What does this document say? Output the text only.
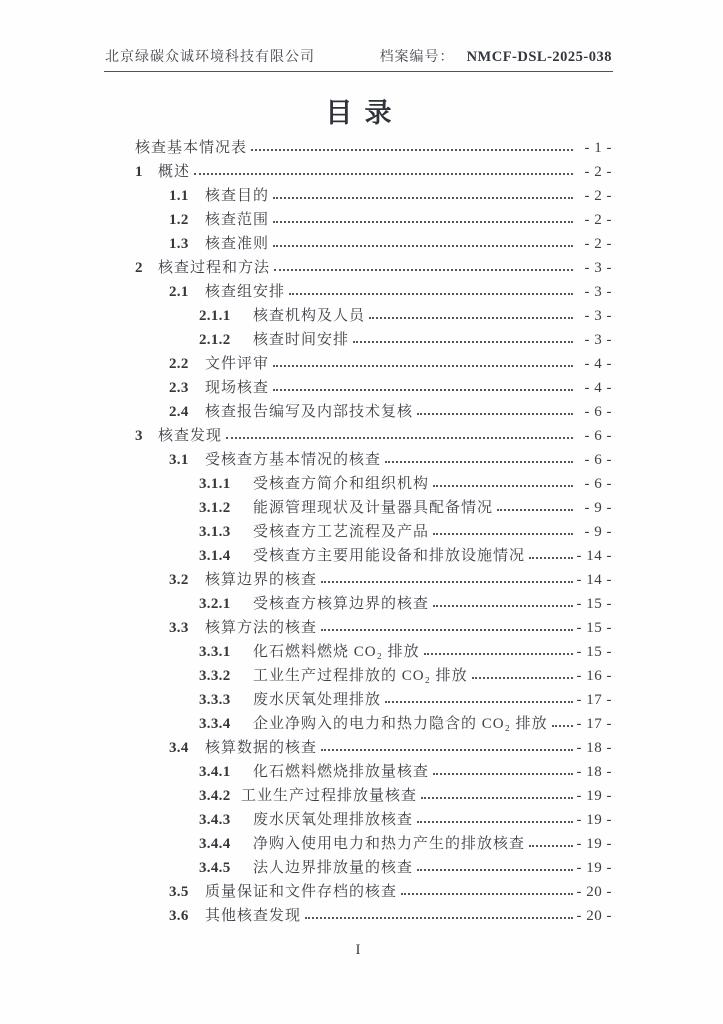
北京绿碳众诚环境科技有限公司	档案编号： NMCF-DSL-2025-038
目录
核查基本情况表	- 1 -
1	概述	- 2 -
1.1	核查目的	- 2 -
1.2	核查范围	- 2 -
1.3	核查准则	- 2 -
2	核查过程和方法	- 3 -
2.1	核查组安排	- 3 -
2.1.1	核查机构及人员	- 3 -
2.1.2	核查时间安排	- 3 -
2.2	文件评审	- 4 -
2.3	现场核查	- 4 -
2.4	核查报告编写及内部技术复核	- 6 -
3	核查发现	- 6 -
3.1	受核查方基本情况的核查	- 6 -
3.1.1	受核查方简介和组织机构	- 6 -
3.1.2	能源管理现状及计量器具配备情况	- 9 -
3.1.3	受核查方工艺流程及产品	- 9 -
3.1.4	受核查方主要用能设备和排放设施情况	- 14 -
3.2	核算边界的核查	- 14 -
3.2.1	受核查方核算边界的核查	- 15 -
3.3	核算方法的核查	- 15 -
3.3.1	化石燃料燃烧 CO₂ 排放	- 15 -
3.3.2	工业生产过程排放的 CO₂ 排放	- 16 -
3.3.3	废水厌氧处理排放	- 17 -
3.3.4	企业净购入的电力和热力隐含的 CO₂ 排放 - 17 -
3.4	核算数据的核查	- 18 -
3.4.1	化石燃料燃烧排放量核查	- 18 -
3.4.2 工业生产过程排放量核查	- 19 -
3.4.3	废水厌氧处理排放核查	- 19 -
3.4.4	净购入使用电力和热力产生的排放核查	- 19 -
3.4.5	法人边界排放量的核查	- 19 -
3.5	质量保证和文件存档的核查	- 20 -
3.6	其他核查发现	- 20 -
I
